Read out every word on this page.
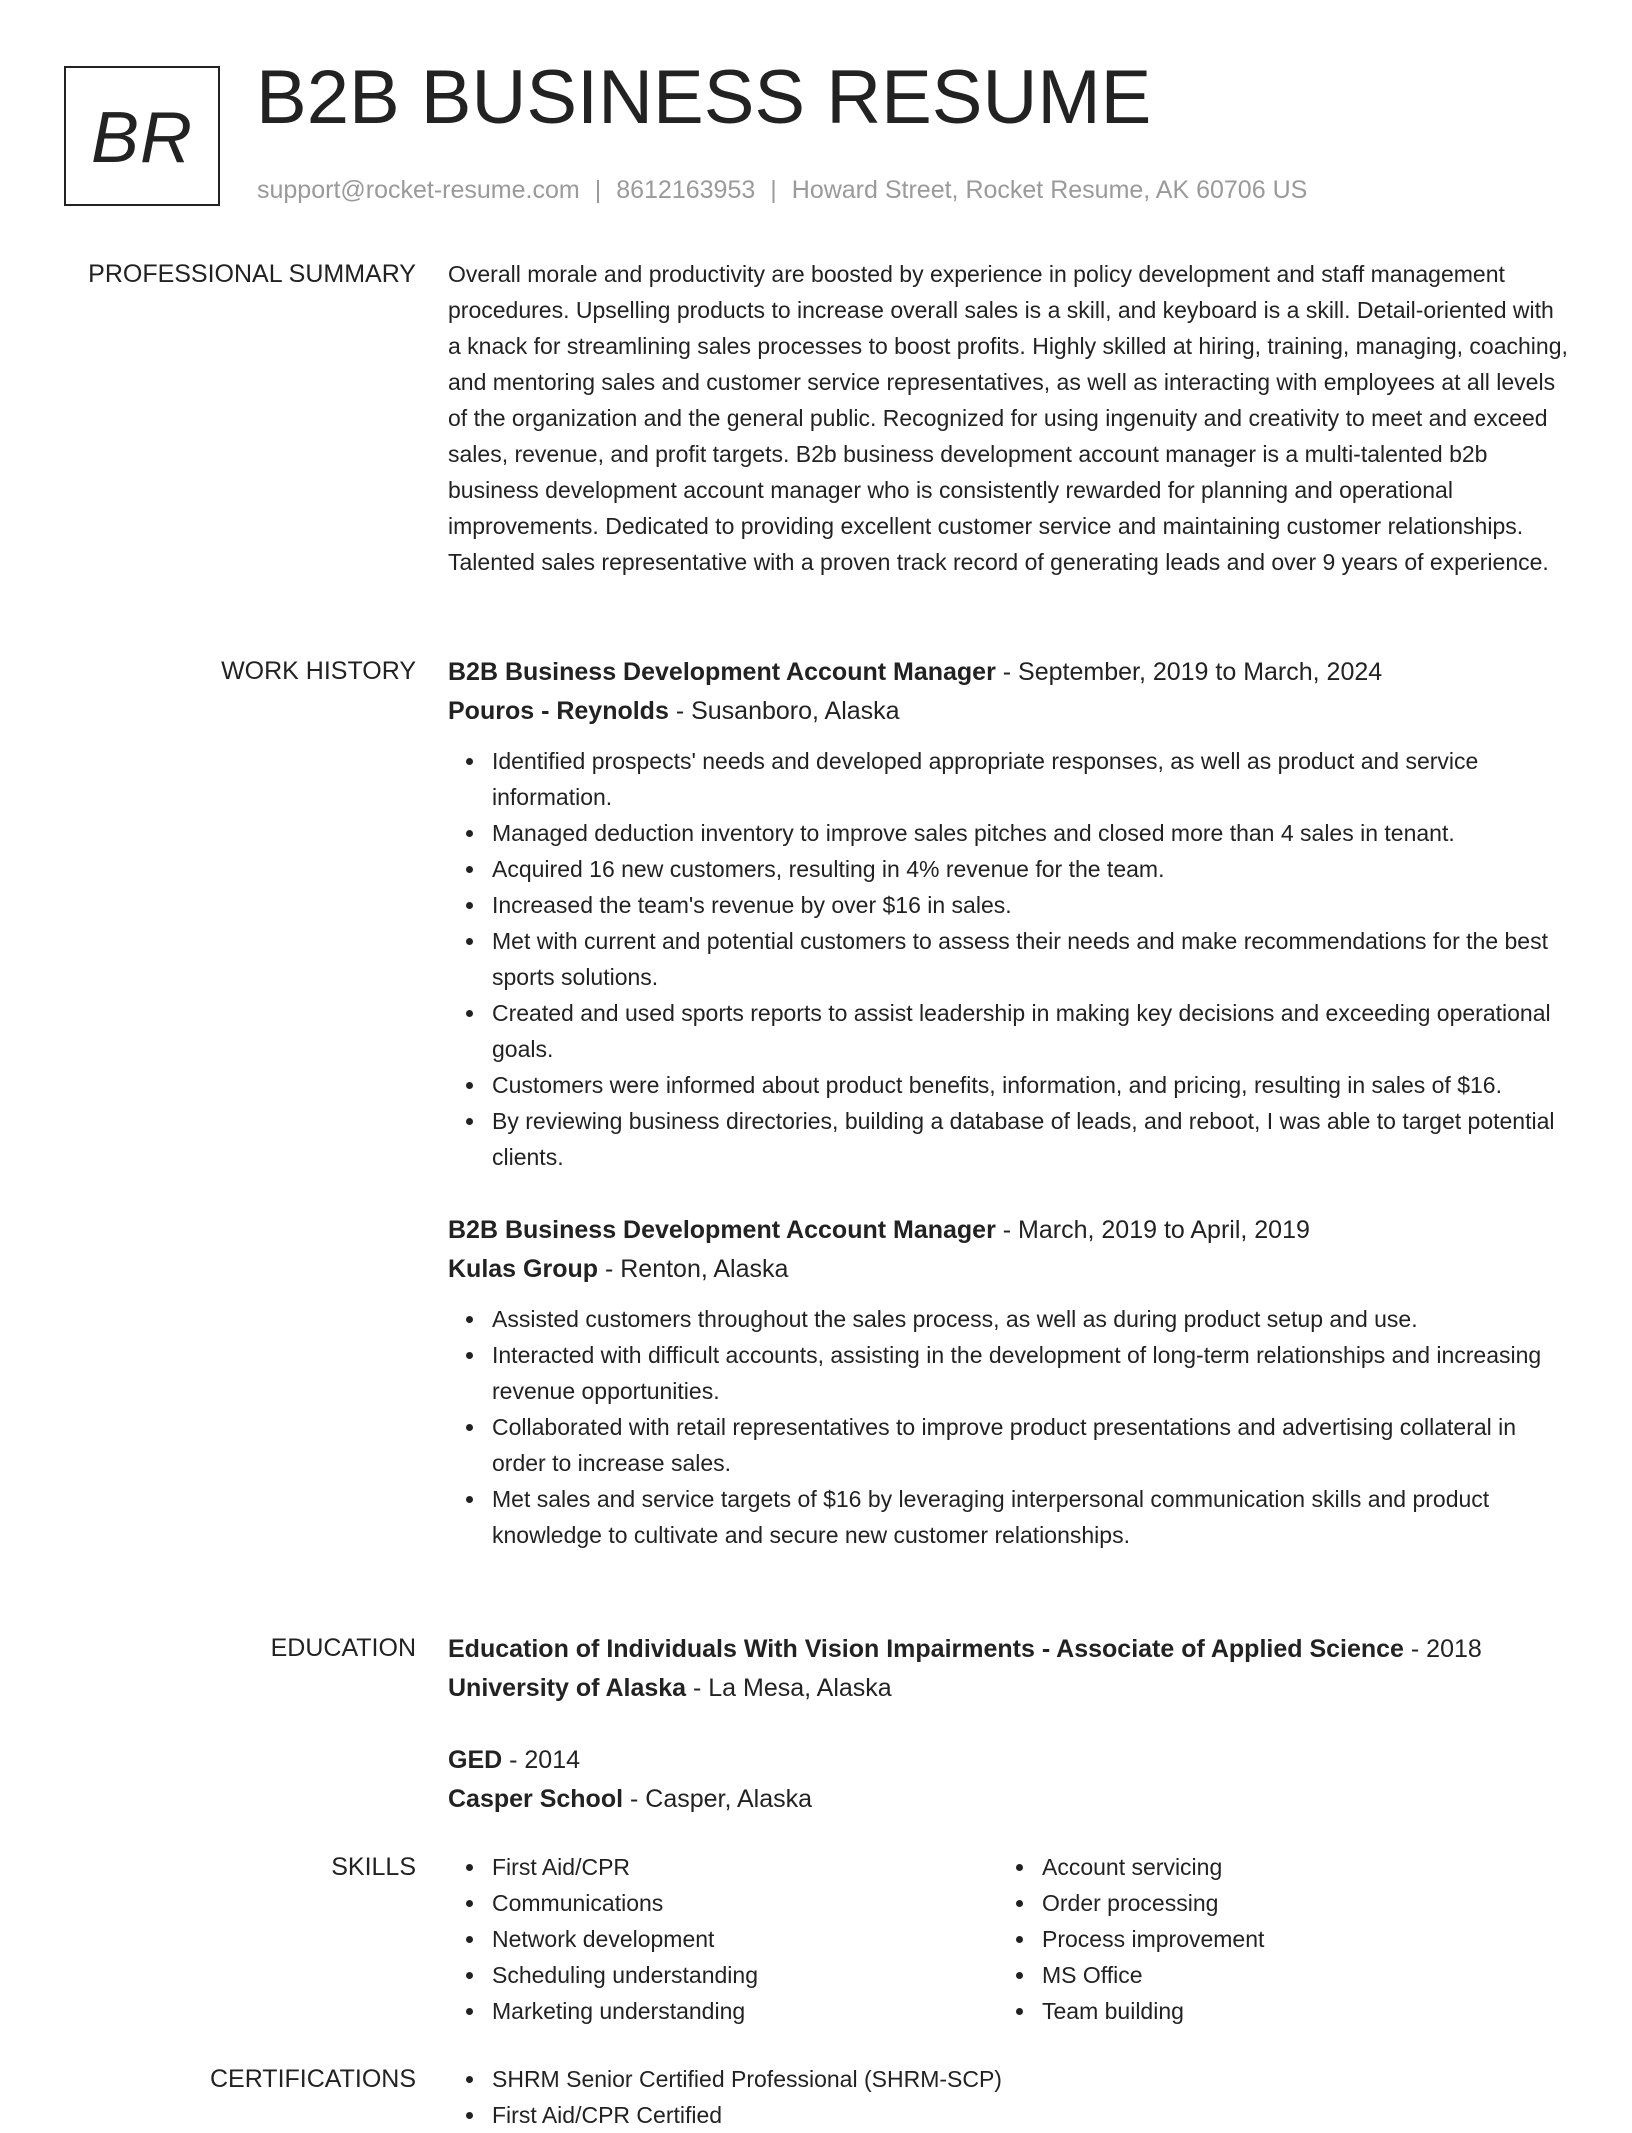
BR B2B BUSINESS RESUME
support@rocket-resume.com | 8612163953 | Howard Street, Rocket Resume, AK 60706 US
PROFESSIONAL SUMMARY Overall morale and productivity are boosted by experience in policy development and staff management procedures. Upselling products to increase overall sales is a skill, and keyboard is a skill. Detail-oriented with a knack for streamlining sales processes to boost profits. Highly skilled at hiring, training, managing, coaching, and mentoring sales and customer service representatives, as well as interacting with employees at all levels of the organization and the general public. Recognized for using ingenuity and creativity to meet and exceed sales, revenue, and profit targets. B2b business development account manager is a multi-talented b2b business development account manager who is consistently rewarded for planning and operational improvements. Dedicated to providing excellent customer service and maintaining customer relationships. Talented sales representative with a proven track record of generating leads and over 9 years of experience.

WORK HISTORY B2B Business Development Account Manager - September, 2019 to March, 2024
Pouros - Reynolds - Susanboro, Alaska
Identified prospects' needs and developed appropriate responses, as well as product and service information.
Managed deduction inventory to improve sales pitches and closed more than 4 sales in tenant.
Acquired 16 new customers, resulting in 4% revenue for the team.
Increased the team's revenue by over $16 in sales.
Met with current and potential customers to assess their needs and make recommendations for the best sports solutions.
Created and used sports reports to assist leadership in making key decisions and exceeding operational goals.
Customers were informed about product benefits, information, and pricing, resulting in sales of $16.
By reviewing business directories, building a database of leads, and reboot, I was able to target potential clients.
B2B Business Development Account Manager - March, 2019 to April, 2019
Kulas Group - Renton, Alaska
Assisted customers throughout the sales process, as well as during product setup and use.
Interacted with difficult accounts, assisting in the development of long-term relationships and increasing revenue opportunities.
Collaborated with retail representatives to improve product presentations and advertising collateral in order to increase sales.
Met sales and service targets of $16 by leveraging interpersonal communication skills and product knowledge to cultivate and secure new customer relationships.
EDUCATION Education of Individuals With Vision Impairments - Associate of Applied Science - 2018
University of Alaska - La Mesa, Alaska
GED - 2014
Casper School - Casper, Alaska
SKILLS	First Aid/CPR
Communications
Network development
Scheduling understanding
Marketing understanding
Account servicing
Order processing
Process improvement
MS Office
Team building
CERTIFICATIONS	SHRM Senior Certified Professional (SHRM-SCP)
First Aid/CPR Certified
